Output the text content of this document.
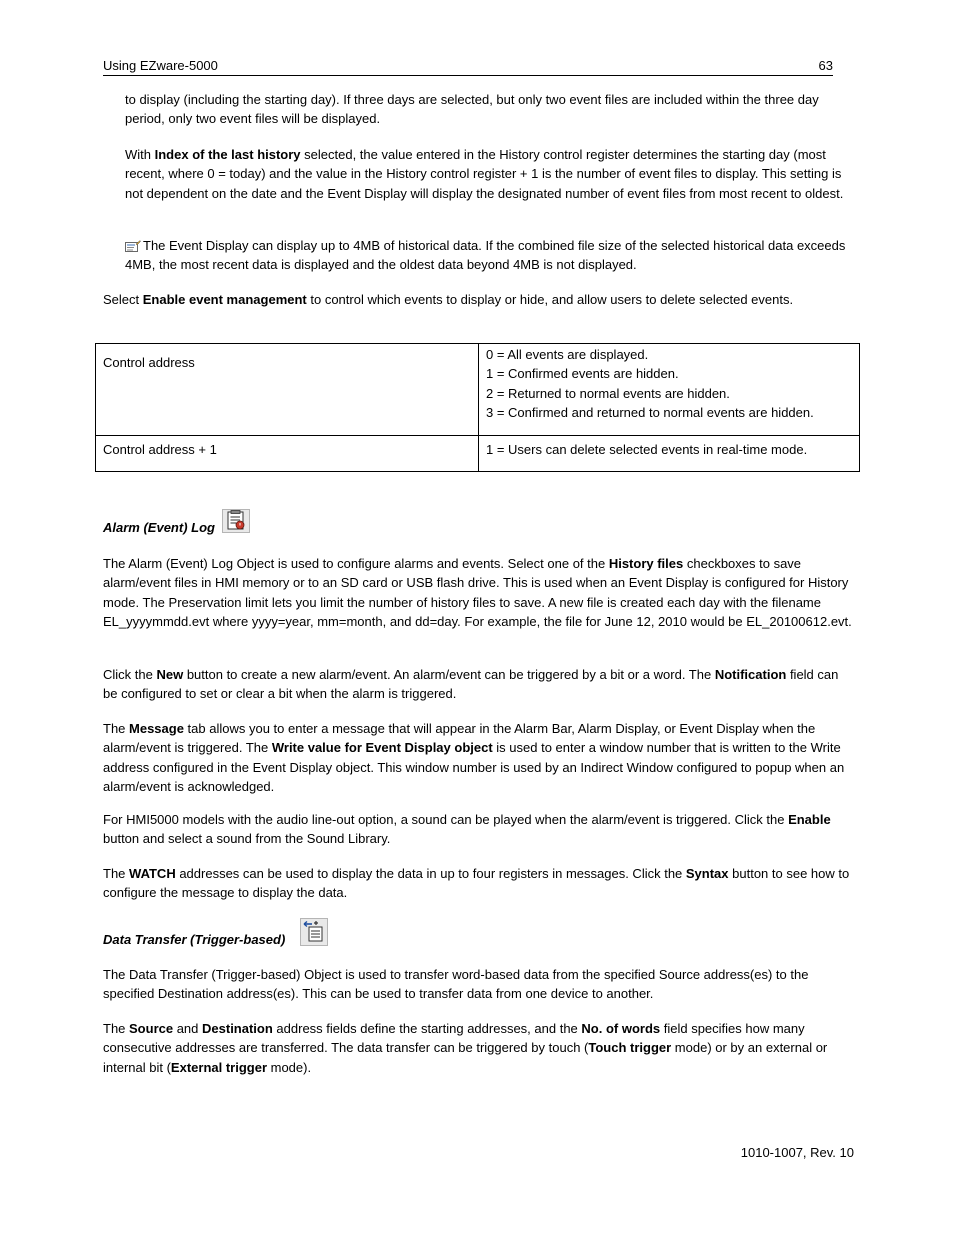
Using EZware-5000	63

to display (including the starting day). If three days are selected, but only two event files are included within the three day period, only two event files will be displayed.

With Index of the last history selected, the value entered in the History control register determines the starting day (most recent, where 0 = today) and the value in the History control register + 1 is the number of event files to display. This setting is not dependent on the date and the Event Display will display the designated number of event files from most recent to oldest.

The Event Display can display up to 4MB of historical data. If the combined file size of the selected historical data exceeds 4MB, the most recent data is displayed and the oldest data beyond 4MB is not displayed.

Select Enable event management to control which events to display or hide, and allow users to delete selected events.

Control address	0 = All events are displayed.
1 = Confirmed events are hidden.
2 = Returned to normal events are hidden.
3 = Confirmed and returned to normal events are hidden.

Control address + 1	1 = Users can delete selected events in real-time mode.
Alarm (Event) Log

The Alarm (Event) Log Object is used to configure alarms and events. Select one of the History files checkboxes to save alarm/event files in HMI memory or to an SD card or USB flash drive. This is used when an Event Display is configured for History mode. The Preservation limit lets you limit the number of history files to save. A new file is created each day with the filename EL_yyyymmdd.evt where yyyy=year, mm=month, and dd=day. For example, the file for June 12, 2010 would be EL_20100612.evt.

Click the New button to create a new alarm/event. An alarm/event can be triggered by a bit or a word. The Notification field can be configured to set or clear a bit when the alarm is triggered.

The Message tab allows you to enter a message that will appear in the Alarm Bar, Alarm Display, or Event Display when the alarm/event is triggered. The Write value for Event Display object is used to enter a window number that is written to the Write address configured in the Event Display object. This window number is used by an Indirect Window configured to popup when an alarm/event is acknowledged.

For HMI5000 models with the audio line-out option, a sound can be played when the alarm/event is triggered. Click the Enable button and select a sound from the Sound Library.

The WATCH addresses can be used to display the data in up to four registers in messages. Click the Syntax button to see how to configure the message to display the data.

Data Transfer (Trigger-based)

The Data Transfer (Trigger-based) Object is used to transfer word-based data from the specified Source address(es) to the specified Destination address(es). This can be used to transfer data from one device to another.

The Source and Destination address fields define the starting addresses, and the No. of words field specifies how many consecutive addresses are transferred. The data transfer can be triggered by touch (Touch trigger mode) or by an external or internal bit (External trigger mode).

1010-1007, Rev. 10
